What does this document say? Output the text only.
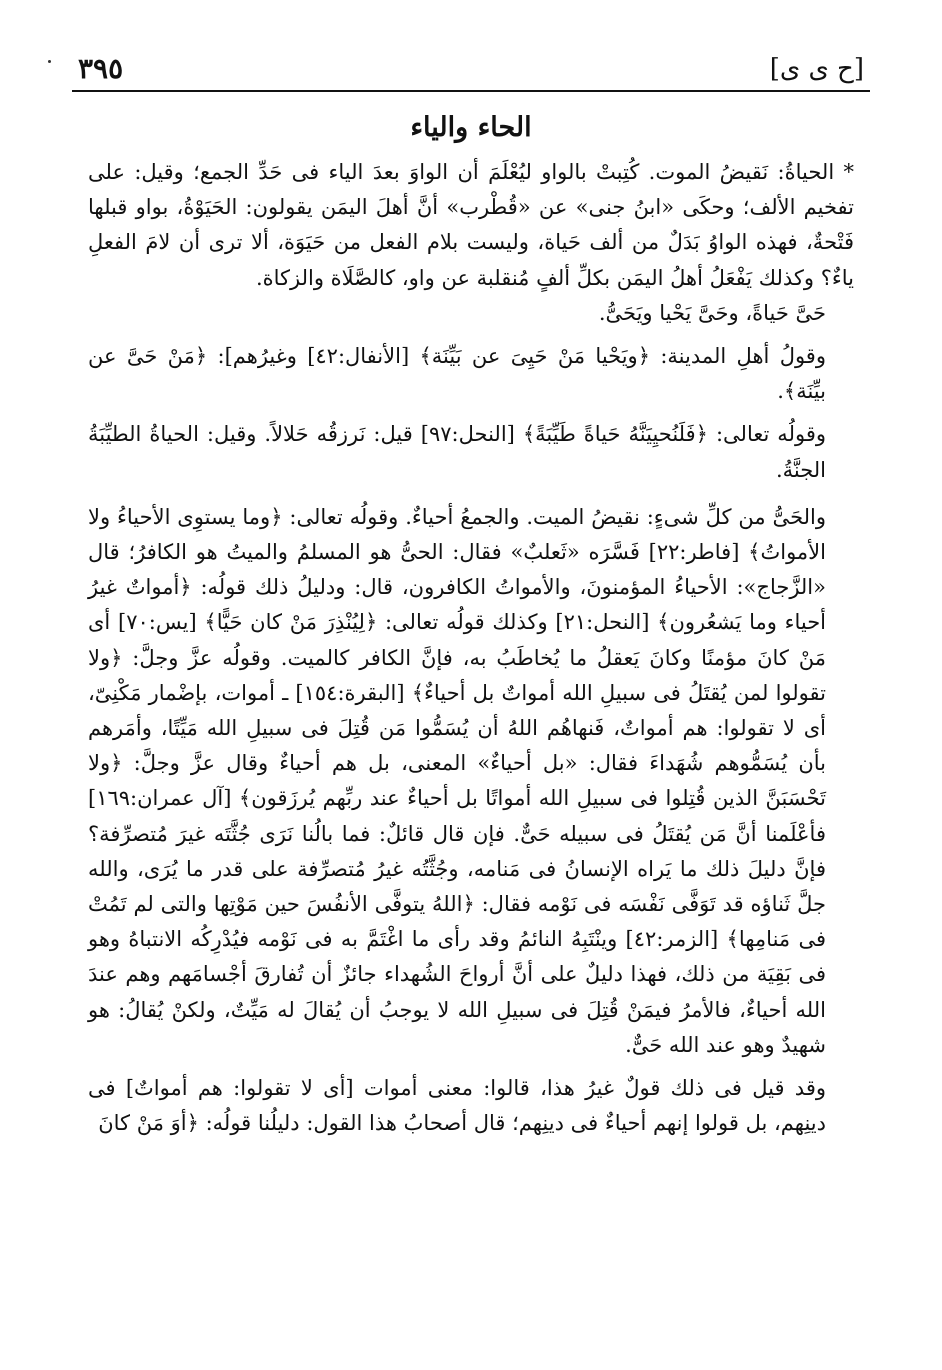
[ح ى ى]
٣٩٥
الحاء والياء

* الحياةُ: نَقيضُ الموت. كُتِبتْ بالواو ليُعْلَمَ أن الواوَ بعدَ الياء فى حَدِّ الجمع؛ وقيل: على تفخيم الألف؛ وحكَى «ابنُ جنى» عن «قُطْرب» أنَّ أهلَ اليمَن يقولون: الحَيَوْةُ، بواو قبلها فَتْحةٌ، فهذه الواوُ بَدَلٌ من ألف حَياة، وليست بلام الفعل من حَيَوَة، ألا ترى أن لامَ الفعلِ ياءٌ؟ وكذلك يَفْعَلُ أهلُ اليمَن بكلِّ ألفٍ مُنقلبة عن واو، كالصَّلَاة والزكاة.

حَىَّ حَياةً، وحَىَّ يَحْيا ويَحَىُّ.

وقولُ أهلِ المدينة: ﴿ويَحْيا مَنْ حَيِىَ عن بَيِّنَة﴾ [الأنفال:٤٢] وغيرُهم]: ﴿مَنْ حَىَّ عن بيِّنَة﴾.

وقولُه تعالى: ﴿فَلَنُحيِيَنَّهُ حَياةً طَيِّبَةً﴾ [النحل:٩٧] قيل: نَرزقُه حَلالاً. وقيل: الحياةُ الطيِّبَةُ الجنَّةُ.

والحَىُّ من كلِّ شىءٍ: نقيضُ الميت. والجمعُ أحياءٌ. وقولُه تعالى: ﴿وما يستوِى الأحياءُ ولا الأمواتُ﴾ [فاطر:٢٢] فَسَّرَه «ثَعلبٌ» فقال: الحىُّ هو المسلمُ والميتُ هو الكافرُ؛ قال «الزَّجاج»: الأحياءُ المؤمنونَ، والأمواتُ الكافرون، قال: ودليلُ ذلك قولُه: ﴿أمواتٌ غيرُ أحياء وما يَشعُرون﴾ [النحل:٢١] وكذلك قولُه تعالى: ﴿لِيُنْذِرَ مَنْ كان حَيًّا﴾ [يس:٧٠] أى مَنْ كانَ مؤمنًا وكانَ يَعقلُ ما يُخاطَبُ به، فإنَّ الكافر كالميت. وقولُه عزَّ وجلَّ: ﴿ولا تقولوا لمن يُقتَلُ فى سبيلِ الله أمواتٌ بل أحياءٌ﴾ [البقرة:١٥٤] ـ أموات، بإضْمار مَكْنِىّ، أى لا تقولوا: هم أمواتٌ، فَنهاهُم اللهُ أن يُسَمُّوا مَن قُتِلَ فى سبيلِ الله مَيِّتًا، وأمَرهم بأن يُسَمُّوهم شُهَداءَ فقال: «بل أحياءٌ» المعنى، بل هم أحياءٌ وقال عزَّ وجلَّ: ﴿ولا تَحْسَبَنَّ الذين قُتِلوا فى سبيلِ الله أمواتًا بل أحياءٌ عند ربِّهم يُرزَقون﴾ [آل عمران:١٦٩] فأعْلَمنا أنَّ مَن يُقتَلُ فى سبيله حَىٌّ. فإن قال قائلٌ: فما بالُنا نَرَى جُثَّتَه غيرَ مُتصرِّفة؟ فإنَّ دليلَ ذلك ما يَراه الإنسانُ فى مَنامه، وجُثَّتُه غيرُ مُتصرِّفة على قدر ما يُرَى، والله جلَّ ثَناؤه قد تَوَفَّى نَفْسَه فى نَوْمه فقال: ﴿اللهُ يتوفَّى الأنفُسَ حين مَوْتِها والتى لم تَمُتْ فى مَنامِها﴾ [الزمر:٤٢] وينْتَبِهُ النائمُ وقد رأى ما اغْتَمَّ به فى نَوْمه فيُدْرِكُه الانتباهُ وهو فى بَقِيَة من ذلك، فهذا دليلٌ على أنَّ أرواحَ الشُهداء جائزٌ أن تُفارقَ أجْسامَهم وهم عندَ الله أحياءٌ، فالأمرُ فيمَنْ قُتِلَ فى سبيلِ الله لا يوجبُ أن يُقالَ له مَيِّتٌ، ولكنْ يُقالُ: هو شهيدٌ وهو عند الله حَىٌّ.

وقد قيل فى ذلك قولٌ غيرُ هذا، قالوا: معنى أموات [أى لا تقولوا: هم أمواتٌ] فى دينِهم، بل قولوا إنهم أحياءٌ فى دينِهم؛ قال أصحابُ هذا القول: دليلُنا قولُه: ﴿أوَ مَنْ كانَ
